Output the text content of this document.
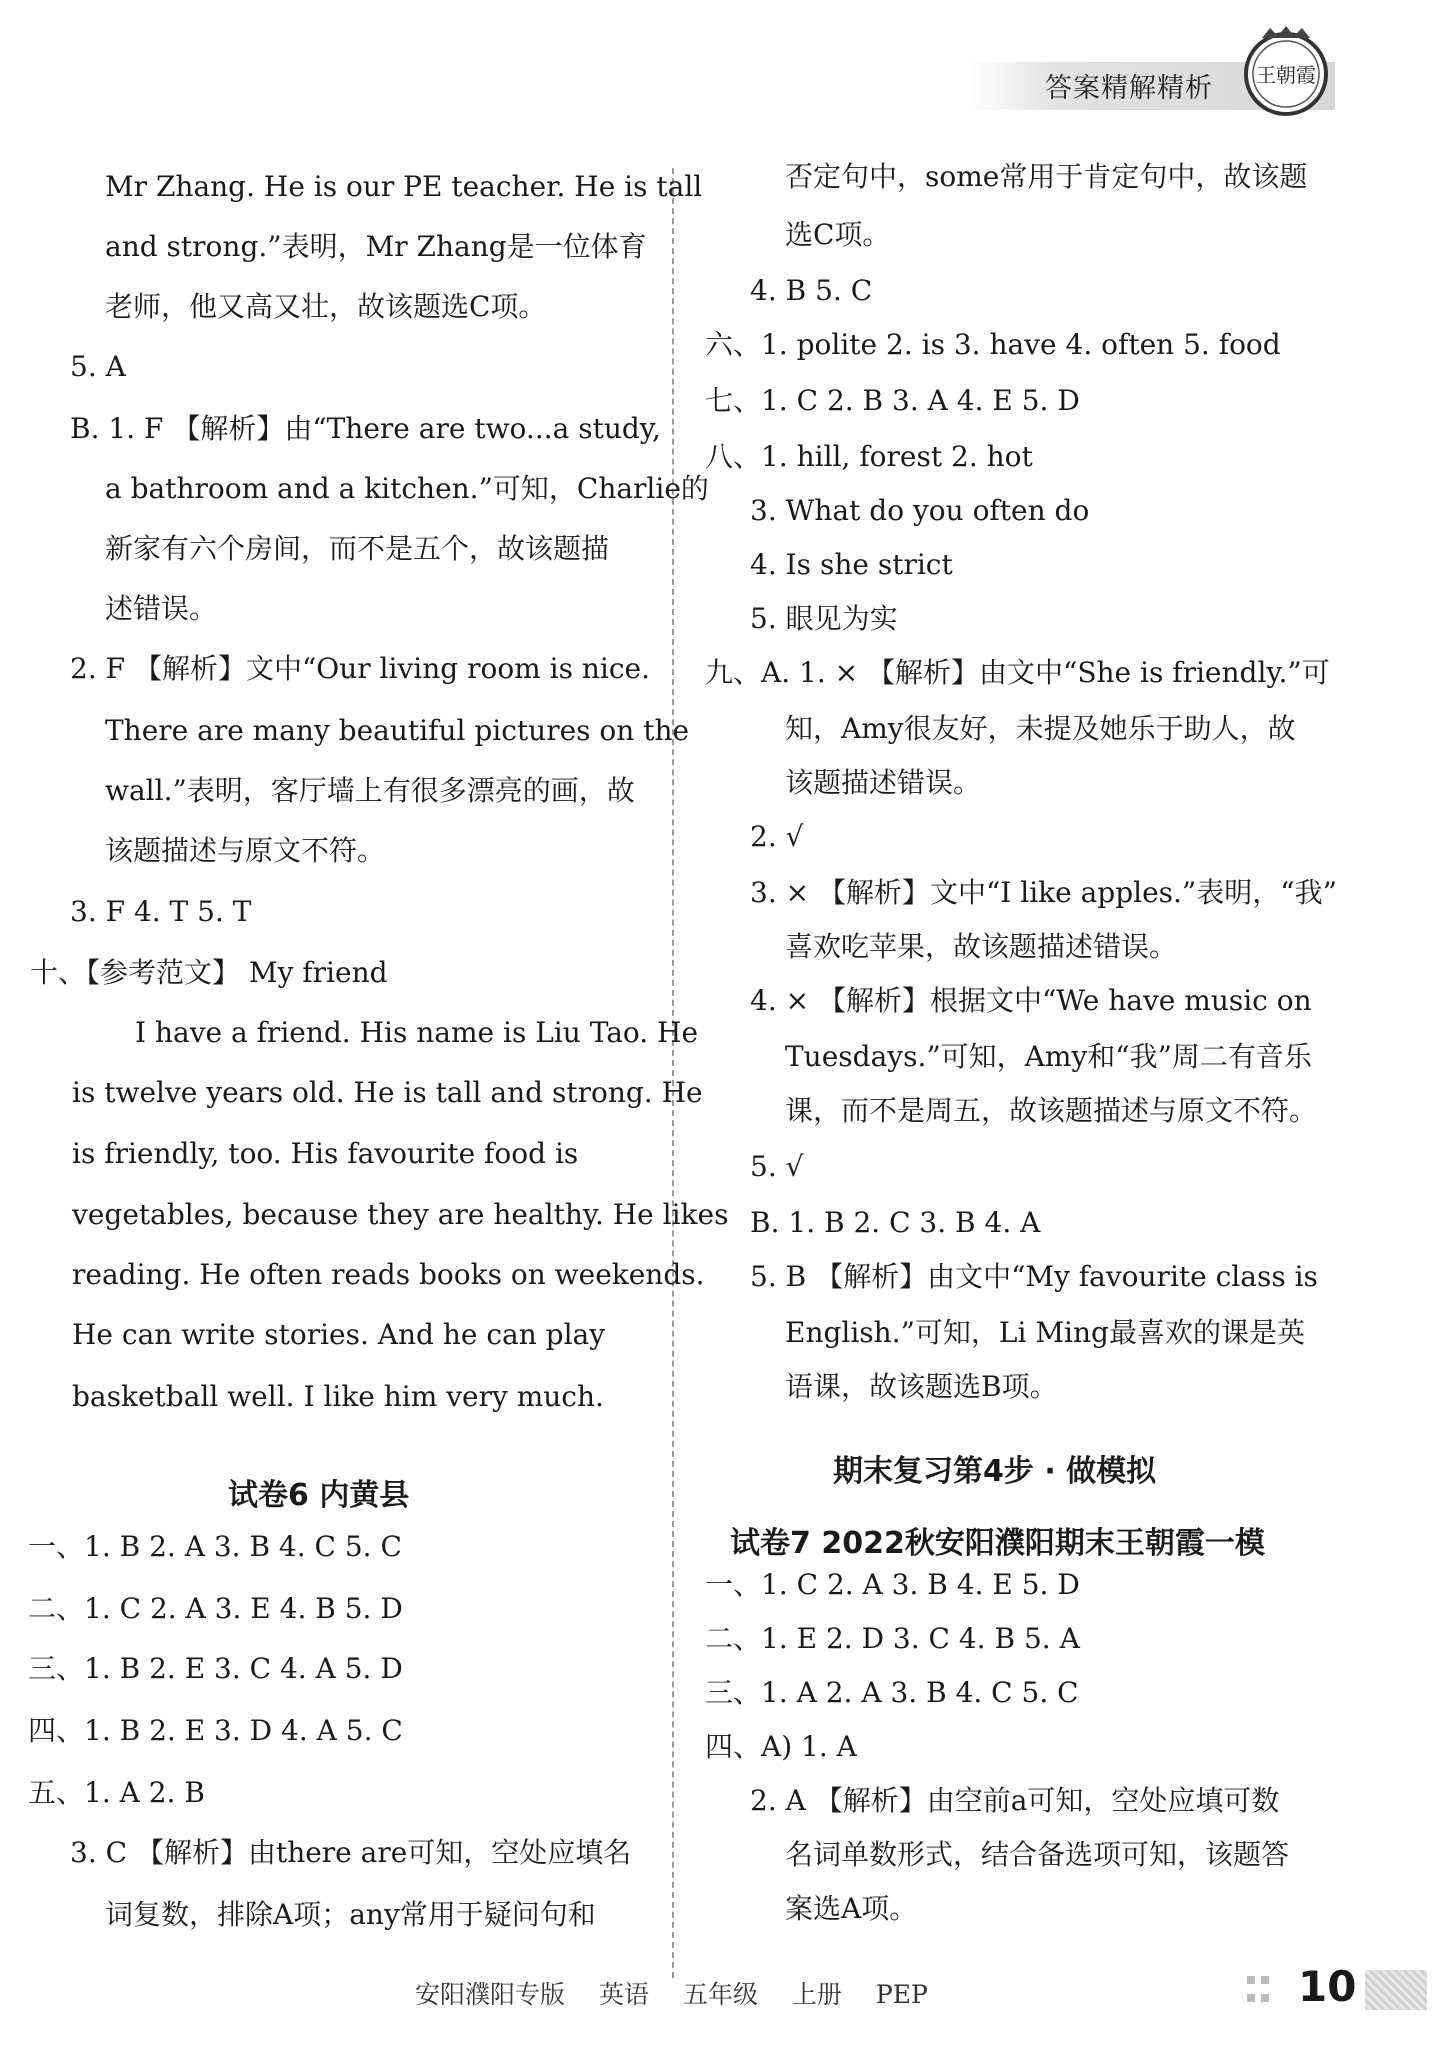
答案精解精析 王朝霞
Mr Zhang. He is our PE teacher. He is tall
and strong.”表明，Mr Zhang是一位体育
老师，他又高又壮，故该题选C项。
5. A
B. 1. F 【解析】由“There are two...a study,
a bathroom and a kitchen.”可知，Charlie的
新家有六个房间，而不是五个，故该题描
述错误。
2. F 【解析】文中“Our living room is nice.
There are many beautiful pictures on the
wall.”表明，客厅墙上有很多漂亮的画，故
该题描述与原文不符。
3. F 4. T 5. T
十、【参考范文】 My friend
I have a friend. His name is Liu Tao. He
is twelve years old. He is tall and strong. He
is friendly, too. His favourite food is
vegetables, because they are healthy. He likes
reading. He often reads books on weekends.
He can write stories. And he can play
basketball well. I like him very much.
试卷6 内黄县
一、1. B 2. A 3. B 4. C 5. C
二、1. C 2. A 3. E 4. B 5. D
三、1. B 2. E 3. C 4. A 5. D
四、1. B 2. E 3. D 4. A 5. C
五、1. A 2. B
3. C 【解析】由there are可知，空处应填名
词复数，排除A项；any常用于疑问句和
否定句中，some常用于肯定句中，故该题
选C项。
4. B 5. C
六、1. polite 2. is 3. have 4. often 5. food
七、1. C 2. B 3. A 4. E 5. D
八、1. hill, forest 2. hot
3. What do you often do
4. Is she strict
5. 眼见为实
九、A. 1. × 【解析】由文中“She is friendly.”可
知，Amy很友好，未提及她乐于助人，故
该题描述错误。
2. √
3. × 【解析】文中“I like apples.”表明，“我”
喜欢吃苹果，故该题描述错误。
4. × 【解析】根据文中“We have music on
Tuesdays.”可知，Amy和“我”周二有音乐
课，而不是周五，故该题描述与原文不符。
5. √
B. 1. B 2. C 3. B 4. A
5. B 【解析】由文中“My favourite class is
English.”可知，Li Ming最喜欢的课是英
语课，故该题选B项。
期末复习第4步 · 做模拟
试卷7 2022秋安阳濮阳期末王朝霞一模
一、1. C 2. A 3. B 4. E 5. D
二、1. E 2. D 3. C 4. B 5. A
三、1. A 2. A 3. B 4. C 5. C
四、A) 1. A
2. A 【解析】由空前a可知，空处应填可数
名词单数形式，结合备选项可知，该题答
案选A项。
安阳濮阳专版 英语 五年级 上册 PEP	10
